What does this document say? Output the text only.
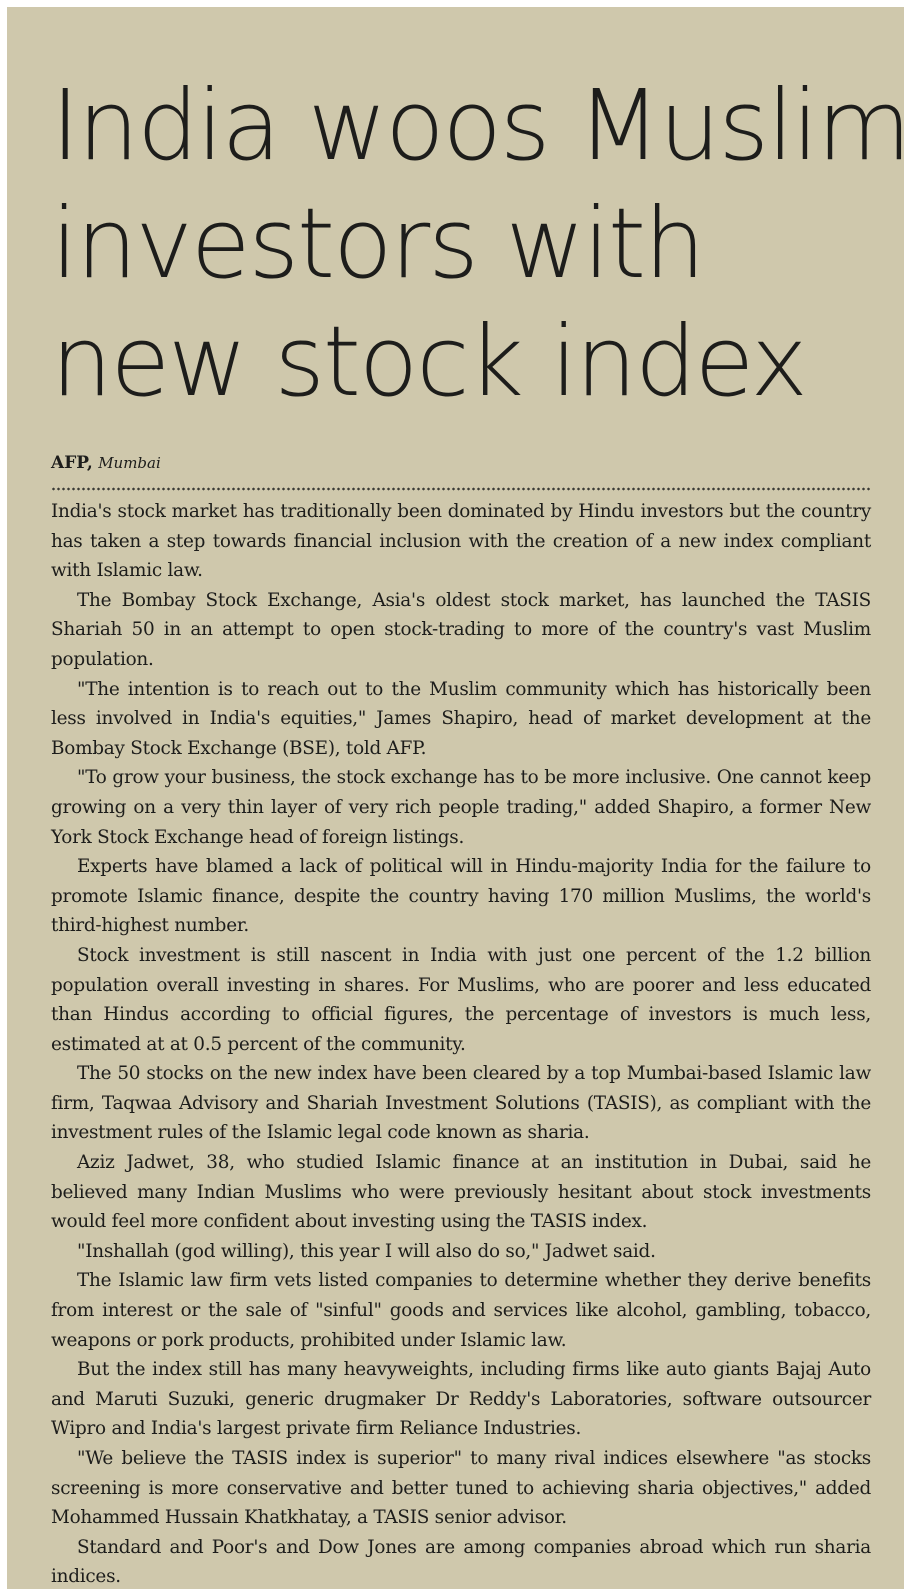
India woos Muslim
investors with
new stock index
AFP, Mumbai

India's stock market has traditionally been dominated by Hindu investors but the country has taken a step towards financial inclusion with the creation of a new index compliant with Islamic law.

The Bombay Stock Exchange, Asia's oldest stock market, has launched the TASIS Shariah 50 in an attempt to open stock-trading to more of the country's vast Muslim population.

"The intention is to reach out to the Muslim community which has historically been less involved in India's equities," James Shapiro, head of market development at the Bombay Stock Exchange (BSE), told AFP.

"To grow your business, the stock exchange has to be more inclusive. One cannot keep growing on a very thin layer of very rich people trading," added Shapiro, a former New York Stock Exchange head of foreign listings.

Experts have blamed a lack of political will in Hindu-majority India for the failure to promote Islamic finance, despite the country having 170 million Muslims, the world's third-highest number.

Stock investment is still nascent in India with just one percent of the 1.2 billion population overall investing in shares. For Muslims, who are poorer and less educated than Hindus according to official figures, the percentage of investors is much less, estimated at at 0.5 percent of the community.

The 50 stocks on the new index have been cleared by a top Mumbai-based Islamic law firm, Taqwaa Advisory and Shariah Investment Solutions (TASIS), as compliant with the investment rules of the Islamic legal code known as sharia.

Aziz Jadwet, 38, who studied Islamic finance at an institution in Dubai, said he believed many Indian Muslims who were previously hesitant about stock investments would feel more confident about investing using the TASIS index.

"Inshallah (god willing), this year I will also do so," Jadwet said.

The Islamic law firm vets listed companies to determine whether they derive benefits from interest or the sale of "sinful" goods and services like alcohol, gambling, tobacco, weapons or pork products, prohibited under Islamic law.

But the index still has many heavyweights, including firms like auto giants Bajaj Auto and Maruti Suzuki, generic drugmaker Dr Reddy's Laboratories, software outsourcer Wipro and India's largest private firm Reliance Industries.

"We believe the TASIS index is superior" to many rival indices elsewhere "as stocks screening is more conservative and better tuned to achieving sharia objectives," added Mohammed Hussain Khatkhatay, a TASIS senior advisor.

Standard and Poor's and Dow Jones are among companies abroad which run sharia indices.
